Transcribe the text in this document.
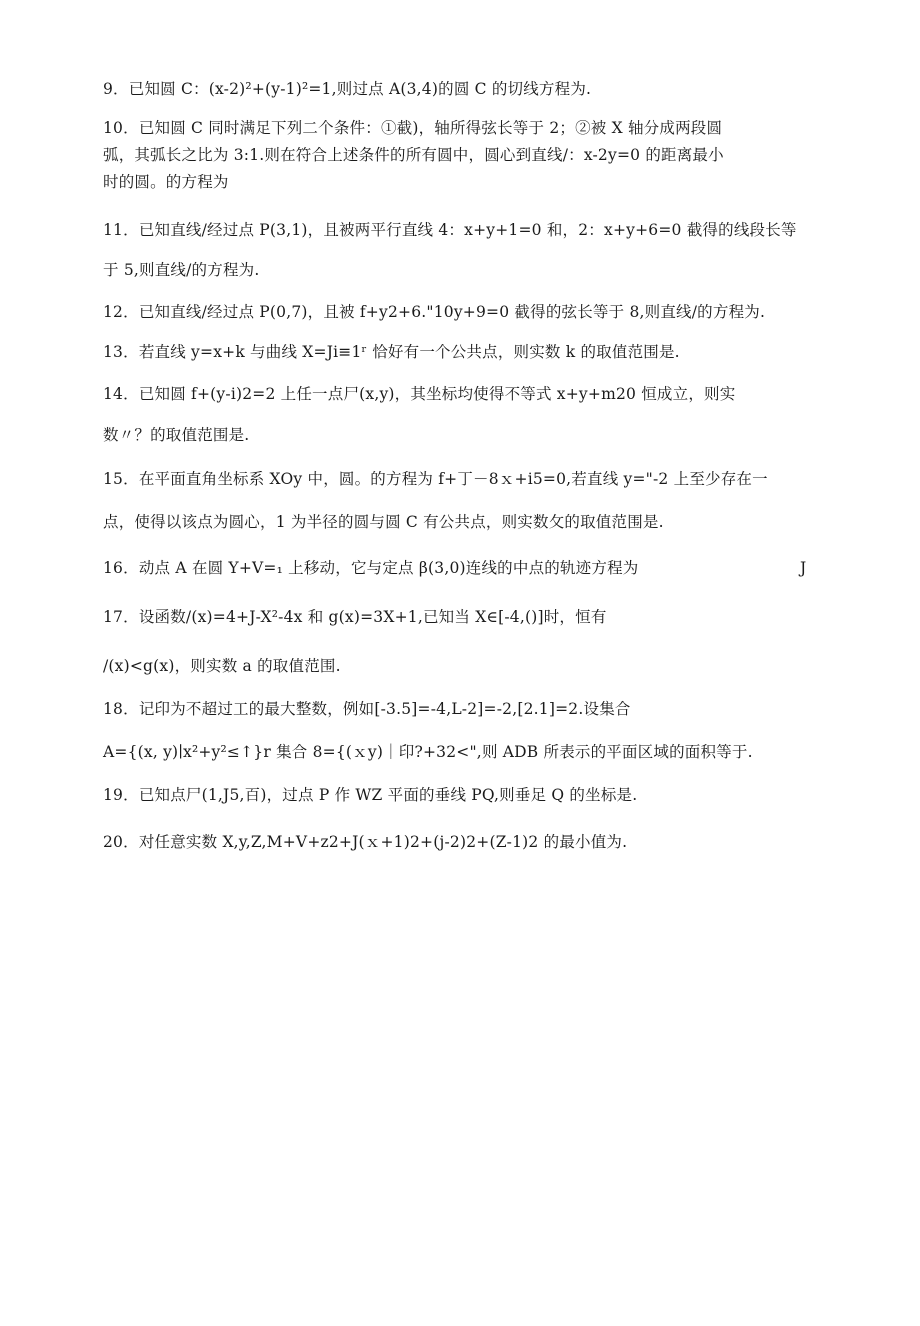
9．已知圆 C：(x-2)²+(y-1)²=1,则过点 A(3,4)的圆 C 的切线方程为.
10．已知圆 C 同时满足下列二个条件：①截)，轴所得弦长等于 2；②被 X 轴分成两段圆
弧，其弧长之比为 3:1.则在符合上述条件的所有圆中，圆心到直线/：x-2y=0 的距离最小
时的圆。的方程为
11．已知直线/经过点 P(3,1)，且被两平行直线 4：x+y+1=0 和，2：x+y+6=0 截得的线段长等
于 5,则直线/的方程为.
12．已知直线/经过点 P(0,7)，且被 f+y2+6."10y+9=0 截得的弦长等于 8,则直线/的方程为.
13．若直线 y=x+k 与曲线 X=Ji≡1ʳ 恰好有一个公共点，则实数 k 的取值范围是.
14．已知圆 f+(y-i)2=2 上任一点尸(x,y)，其坐标均使得不等式 x+y+m20 恒成立，则实
数〃？的取值范围是.
15．在平面直角坐标系 XOy 中，圆。的方程为 f+丁－8ｘ+i5=0,若直线 y="-2 上至少存在一
点，使得以该点为圆心，1 为半径的圆与圆 C 有公共点，则实数攵的取值范围是.
16．动点 A 在圆 Y+V=₁ 上移动，它与定点 β(3,0)连线的中点的轨迹方程为	J
17．设函数/(x)=4+J-X²-4x 和 g(x)=3X+1,已知当 X∈[-4,()]时，恒有
/(x)<g(x)，则实数 a 的取值范围.
18．记印为不超过工的最大整数，例如[-3.5]=-4,L-2]=-2,[2.1]=2.设集合
A={(x, y)∣x²+y²≤↑}r 集合 8={(ｘy)｜印?+32<",则 ADB 所表示的平面区域的面积等于.
19．已知点尸(1,J5,百)，过点 P 作 WZ 平面的垂线 PQ,则垂足 Q 的坐标是.
20．对任意实数 X,y,Z,M+V+z2+J(ｘ+1)2+(j-2)2+(Z-1)2 的最小值为.
